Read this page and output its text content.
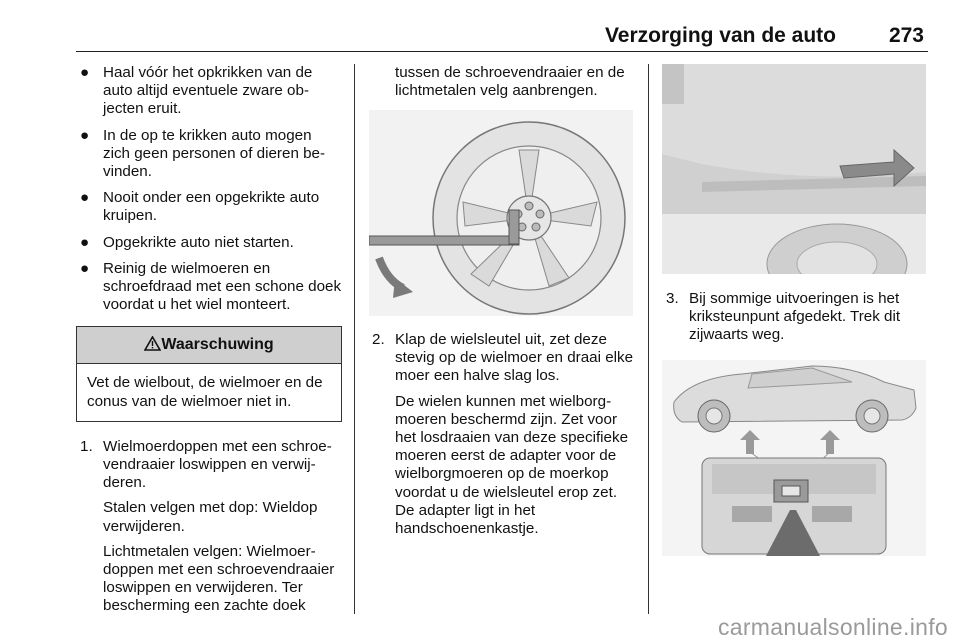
Verzorging van de auto	273
● Haal vóór het opkrikken van de auto altijd eventuele zware objecten eruit.
● In de op te krikken auto mogen zich geen personen of dieren bevinden.
● Nooit onder een opgekrikte auto kruipen.
● Opgekrikte auto niet starten.
● Reinig de wielmoeren en schroefdraad met een schone doek voordat u het wiel monteert.
Waarschuwing
Vet de wielbout, de wielmoer en de conus van de wielmoer niet in.
1. Wielmoerdoppen met een schroevendraaier loswippen en verwijderen.
Stalen velgen met dop: Wieldop verwijderen.
Lichtmetalen velgen: Wielmoerdoppen met een schroevendraaier loswippen en verwijderen. Ter bescherming een zachte doek
tussen de schroevendraaier en de lichtmetalen velg aanbrengen.
2. Klap de wielsleutel uit, zet deze stevig op de wielmoer en draai elke moer een halve slag los.
De wielen kunnen met wielborgmoeren beschermd zijn. Zet voor het losdraaien van deze specifieke moeren eerst de adapter voor de wielborgmoeren op de moerkop voordat u de wielsleutel erop zet. De adapter ligt in het handschoenenkastje.
3. Bij sommige uitvoeringen is het kriksteunpunt afgedekt. Trek dit zijwaarts weg.
carmanualsonline.info
